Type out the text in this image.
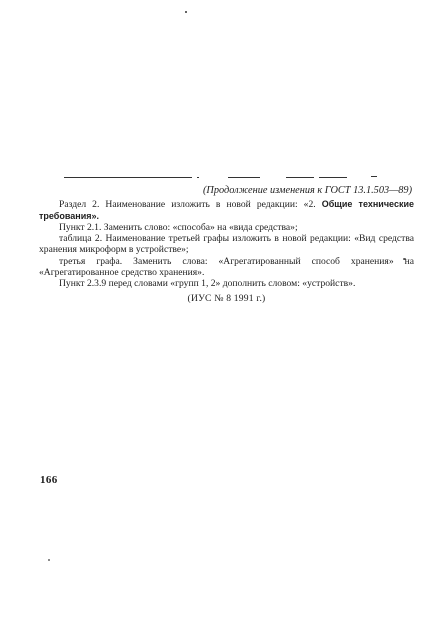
(Продолжение изменения к ГОСТ 13.1.503—89)

Раздел 2. Наименование изложить в новой редакции: «2. Общие технические требования».

Пункт 2.1. Заменить слово: «способа» на «вида средства»;

таблица 2. Наименование третьей графы изложить в новой редакции: «Вид средства хранения микроформ в устройстве»;

третья графа. Заменить слова: «Агрегатированный способ хранения» на «Агрегатированное средство хранения».

Пункт 2.3.9 перед словами «групп 1, 2» дополнить словом: «устройств».

(ИУС № 8 1991 г.)
166
